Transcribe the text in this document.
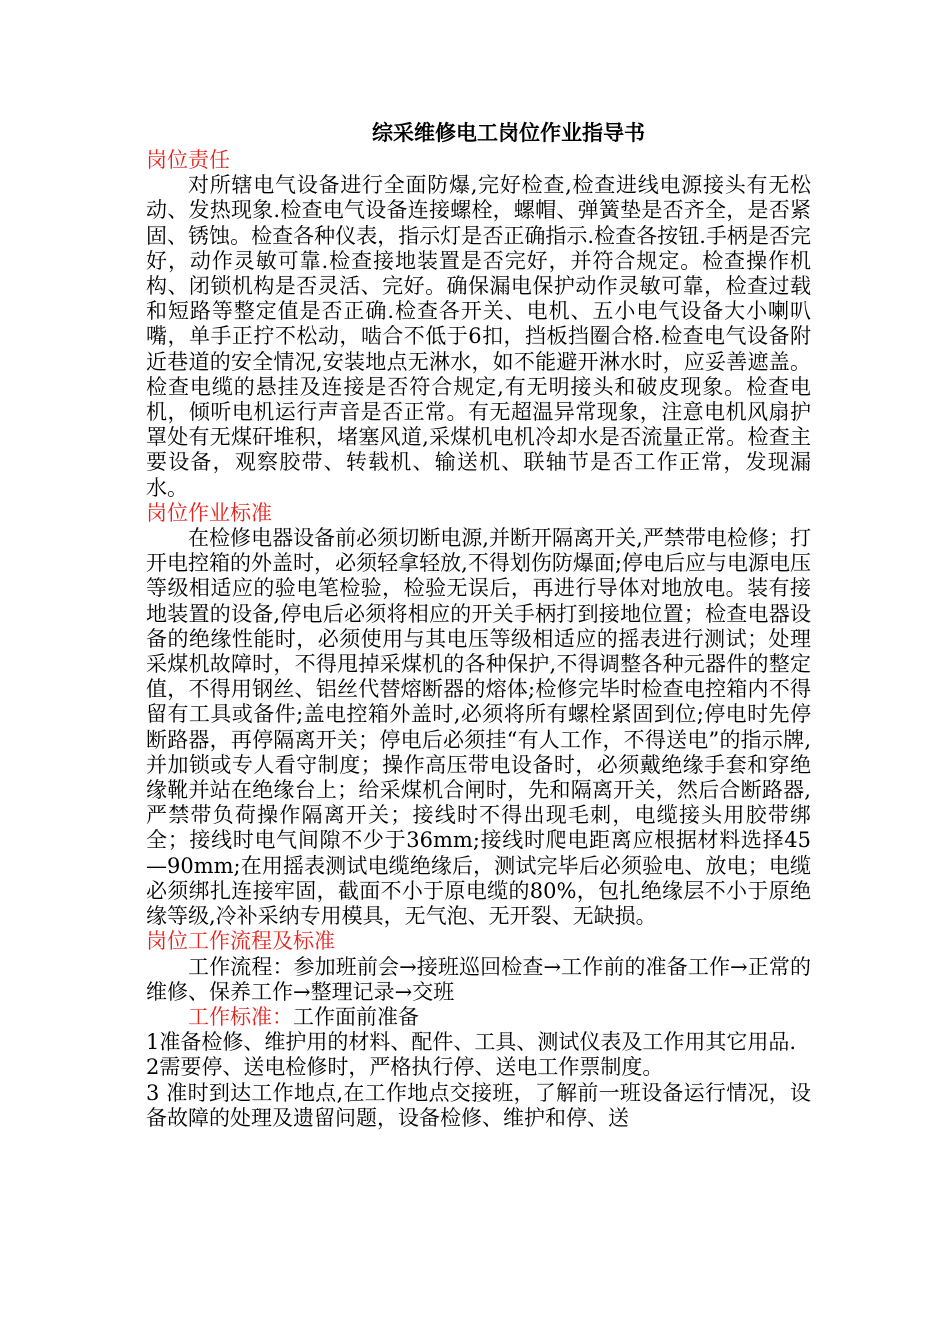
综采维修电工岗位作业指导书

岗位责任

对所辖电气设备进行全面防爆,完好检查,检查进线电源接头有无松动、发热现象.检查电气设备连接螺栓，螺帽、弹簧垫是否齐全，是否紧固、锈蚀。检查各种仪表，指示灯是否正确指示.检查各按钮.手柄是否完好，动作灵敏可靠.检查接地装置是否完好，并符合规定。检查操作机构、闭锁机构是否灵活、完好。确保漏电保护动作灵敏可靠，检查过载和短路等整定值是否正确.检查各开关、电机、五小电气设备大小喇叭嘴，单手正拧不松动，啮合不低于6扣，挡板挡圈合格.检查电气设备附近巷道的安全情况,安装地点无淋水，如不能避开淋水时，应妥善遮盖。检查电缆的悬挂及连接是否符合规定,有无明接头和破皮现象。检查电机，倾听电机运行声音是否正常。有无超温异常现象，注意电机风扇护罩处有无煤矸堆积，堵塞风道,采煤机电机冷却水是否流量正常。检查主要设备，观察胶带、转载机、输送机、联轴节是否工作正常，发现漏水。

岗位作业标准

在检修电器设备前必须切断电源,并断开隔离开关,严禁带电检修；打开电控箱的外盖时，必须轻拿轻放,不得划伤防爆面;停电后应与电源电压等级相适应的验电笔检验，检验无误后，再进行导体对地放电。装有接地装置的设备,停电后必须将相应的开关手柄打到接地位置；检查电器设备的绝缘性能时，必须使用与其电压等级相适应的摇表进行测试；处理采煤机故障时，不得甩掉采煤机的各种保护,不得调整各种元器件的整定值，不得用钢丝、铝丝代替熔断器的熔体;检修完毕时检查电控箱内不得留有工具或备件;盖电控箱外盖时,必须将所有螺栓紧固到位;停电时先停断路器，再停隔离开关；停电后必须挂“有人工作，不得送电”的指示牌,并加锁或专人看守制度；操作高压带电设备时，必须戴绝缘手套和穿绝缘靴并站在绝缘台上；给采煤机合闸时，先和隔离开关，然后合断路器,严禁带负荷操作隔离开关；接线时不得出现毛刺，电缆接头用胶带绑全；接线时电气间隙不少于36mm;接线时爬电距离应根据材料选择45—90mm;在用摇表测试电缆绝缘后，测试完毕后必须验电、放电；电缆必须绑扎连接牢固，截面不小于原电缆的80%，包扎绝缘层不小于原绝缘等级,冷补采纳专用模具，无气泡、无开裂、无缺损。

岗位工作流程及标准

工作流程：参加班前会→接班巡回检查→工作前的准备工作→正常的维修、保养工作→整理记录→交班

工作标准：工作面前准备

1准备检修、维护用的材料、配件、工具、测试仪表及工作用其它用品.

2需要停、送电检修时，严格执行停、送电工作票制度。

3 准时到达工作地点,在工作地点交接班，了解前一班设备运行情况，设备故障的处理及遗留问题，设备检修、维护和停、送
